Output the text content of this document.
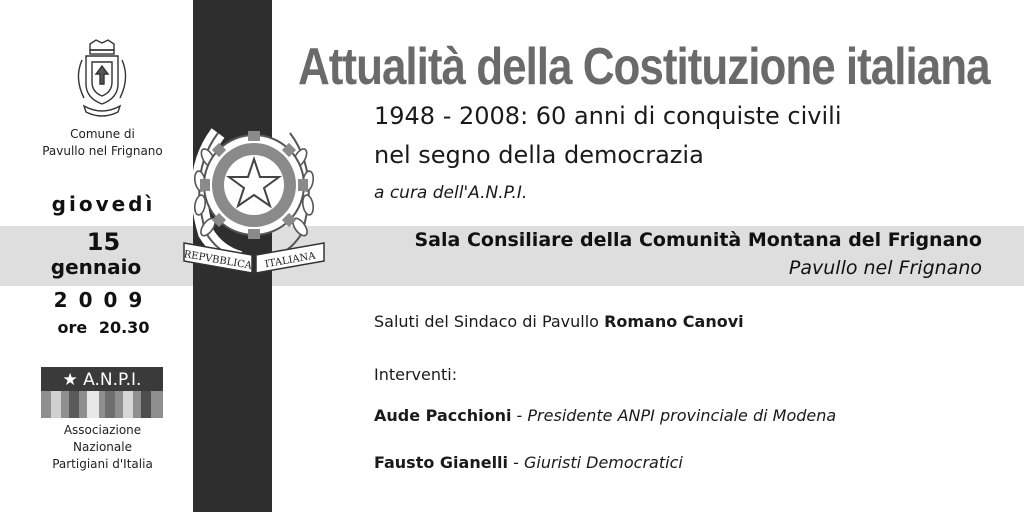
Comune di
Pavullo nel Frignano
giovedì
15
gennaio
2009
ore 20.30
★ A.N.P.I.
Associazione
Nazionale
Partigiani d'Italia
REPVBBLICA ITALIANA
Attualità della Costituzione italiana
1948 - 2008: 60 anni di conquiste civili
nel segno della democrazia
a cura dell'A.N.P.I.
Sala Consiliare della Comunità Montana del Frignano
Pavullo nel Frignano
Saluti del Sindaco di Pavullo Romano Canovi
Interventi:
Aude Pacchioni - Presidente ANPI provinciale di Modena
Fausto Gianelli - Giuristi Democratici
